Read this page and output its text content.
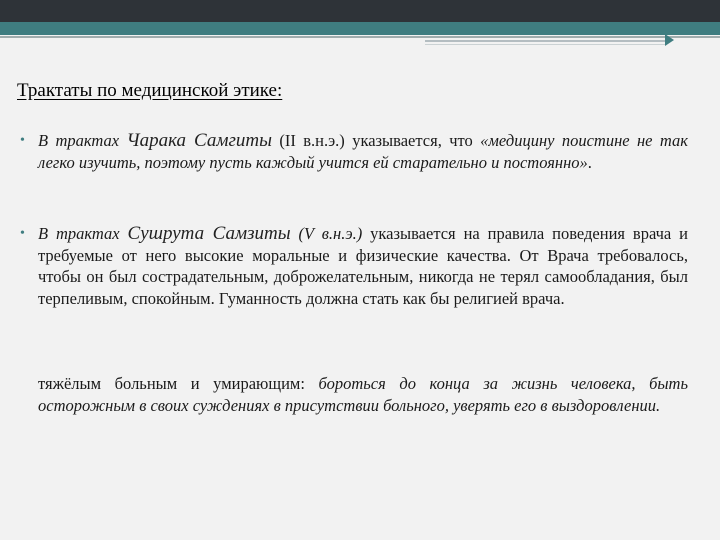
Трактаты по медицинской этике:
• В трактах Чарака Самгиты (II в.н.э.) указывается, что «медицину поистине не так легко изучить, поэтому пусть каждый учится ей старательно и постоянно».
• В трактах Сушрута Самзиты (V в.н.э.) указывается на правила поведения врача и требуемые от него высокие моральные и физические качества. От Врача требовалось, чтобы он был сострадательным, доброжелательным, никогда не терял самообладания, был терпеливым, спокойным. Гуманность должна стать как бы религией врача.
тяжёлым больным и умирающим: бороться до конца за жизнь человека, быть осторожным в своих суждениях в присутствии больного, уверять его в выздоровлении.
